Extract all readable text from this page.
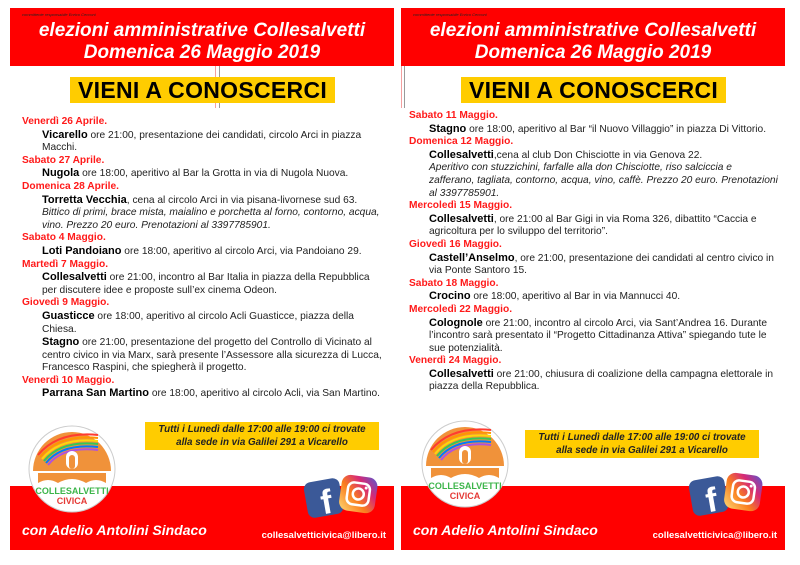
committente responsabile Enrico Cecconi
elezioni amministrative Collesalvetti
Domenica 26 Maggio 2019
VIENI A CONOSCERCI
Venerdì 26 Aprile.
Vicarello ore 21:00, presentazione dei candidati, circolo Arci in piazza Macchi.
Sabato 27 Aprile.
Nugola ore 18:00, aperitivo al Bar la Grotta in via di Nugola Nuova.
Domenica 28 Aprile.
Torretta Vecchia, cena al circolo Arci in via pisana-livornese sud 63.
Bittico di primi, brace mista, maialino e porchetta al forno, contorno, acqua, vino. Prezzo 20 euro. Prenotazioni al 3397785901.
Sabato 4 Maggio.
Loti Pandoiano ore 18:00, aperitivo al circolo Arci, via Pandoiano 29.
Martedì 7 Maggio.
Collesalvetti ore 21:00, incontro al Bar Italia in piazza della Repubblica per discutere idee e proposte sull’ex cinema Odeon.
Giovedì 9 Maggio.
Guasticce ore 18:00, aperitivo al circolo Acli Guasticce, piazza della Chiesa.
Stagno ore 21:00, presentazione del progetto del Controllo di Vicinato al centro civico in via Marx, sarà presente l’Assessore alla sicurezza di Lucca, Francesco Raspini, che spiegherà il progetto.
Venerdì 10 Maggio.
Parrana San Martino ore 18:00, aperitivo al circolo Acli, via San Martino.
con Adelio Antolini Sindaco	collesalvetticivica@libero.it
Tutti i Lunedì dalle 17:00 alle 19:00 ci trovate
alla sede in via Galilei 291 a Vicarello
COLLESALVETTI
CIVICA	f
committente responsabile Enrico Cecconi
elezioni amministrative Collesalvetti
Domenica 26 Maggio 2019
VIENI A CONOSCERCI
Sabato 11 Maggio.
Stagno ore 18:00, aperitivo al Bar “il Nuovo Villaggio” in piazza Di Vittorio.
Domenica 12 Maggio.
Collesalvetti,cena al club Don Chisciotte in via Genova 22.
Aperitivo con stuzzichini, farfalle alla don Chisciotte, riso salciccia e zafferano, tagliata, contorno, acqua, vino, caffè. Prezzo 20 euro. Prenotazioni al 3397785901.
Mercoledì 15 Maggio.
Collesalvetti, ore 21:00 al Bar Gigi in via Roma 326, dibattito “Caccia e agricoltura per lo sviluppo del territorio”.
Giovedì 16 Maggio.
Castell’Anselmo, ore 21:00, presentazione dei candidati al centro civico in via Ponte Santoro 15.
Sabato 18 Maggio.
Crocino ore 18:00, aperitivo al Bar in via Mannucci 40.
Mercoledì 22 Maggio.
Colognole ore 21:00, incontro al circolo Arci, via Sant’Andrea 16. Durante l’incontro sarà presentato il “Progetto Cittadinanza Attiva” spiegando tute le sue potenzialità.
Venerdì 24 Maggio.
Collesalvetti ore 21:00, chiusura di coalizione della campagna elettorale in piazza della Repubblica.
con Adelio Antolini Sindaco	collesalvetticivica@libero.it
Tutti i Lunedì dalle 17:00 alle 19:00 ci trovate
alla sede in via Galilei 291 a Vicarello
COLLESALVETTI
CIVICA	f
